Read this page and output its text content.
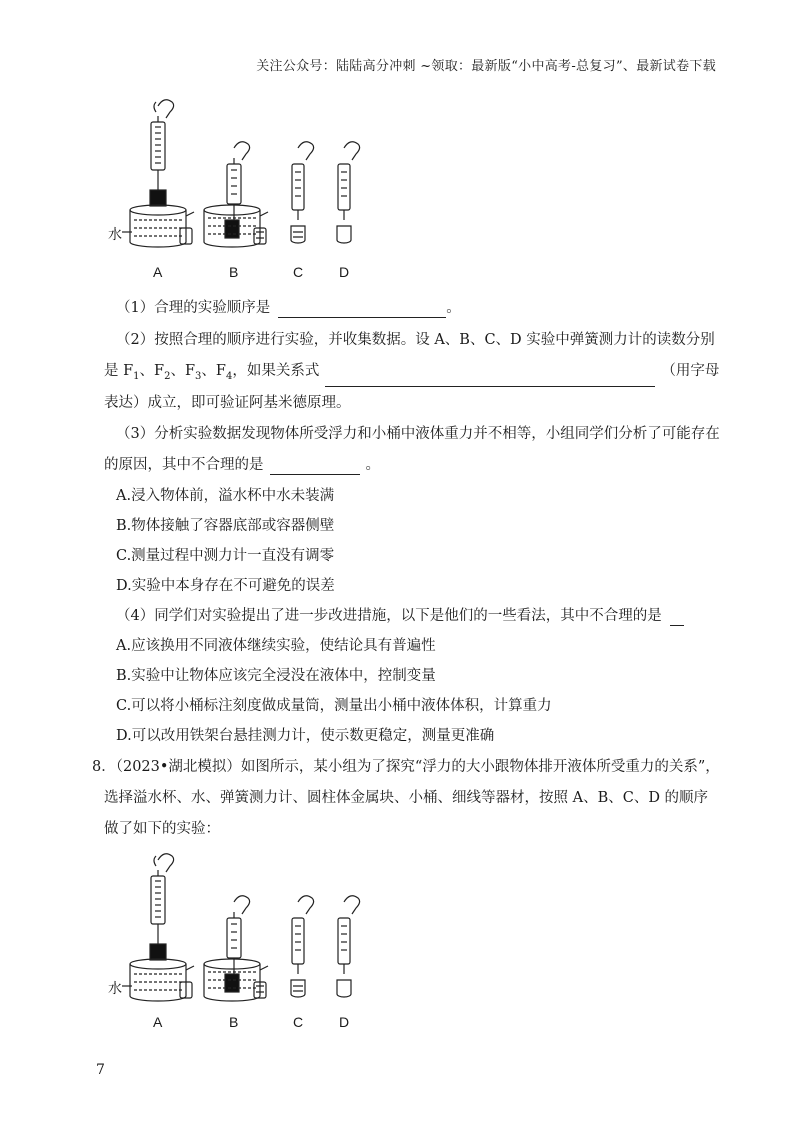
关注公众号：陆陆高分冲刺 ~领取：最新版“小中高考-总复习”、最新试卷下载
水
A	B	C	D
（1）合理的实验顺序是	。
（2）按照合理的顺序进行实验，并收集数据。设 A、B、C、D 实验中弹簧测力计的读数分别
是 $F_1$、$F_2$、$F_3$、$F_4$，如果关系式	（用字母
表达）成立，即可验证阿基米德原理。
（3）分析实验数据发现物体所受浮力和小桶中液体重力并不相等，小组同学们分析了可能存在
的原因，其中不合理的是	。
A.浸入物体前，溢水杯中水未装满
B.物体接触了容器底部或容器侧壁
C.测量过程中测力计一直没有调零
D.实验中本身存在不可避免的误差
（4）同学们对实验提出了进一步改进措施，以下是他们的一些看法，其中不合理的是
A.应该换用不同液体继续实验，使结论具有普遍性
B.实验中让物体应该完全浸没在液体中，控制变量
C.可以将小桶标注刻度做成量筒，测量出小桶中液体体积，计算重力
D.可以改用铁架台悬挂测力计，使示数更稳定，测量更准确
8．（2023•湖北模拟）如图所示，某小组为了探究“浮力的大小跟物体排开液体所受重力的关系”，
选择溢水杯、水、弹簧测力计、圆柱体金属块、小桶、细线等器材，按照 A、B、C、D 的顺序
做了如下的实验：
水
A	B	C	D
7
